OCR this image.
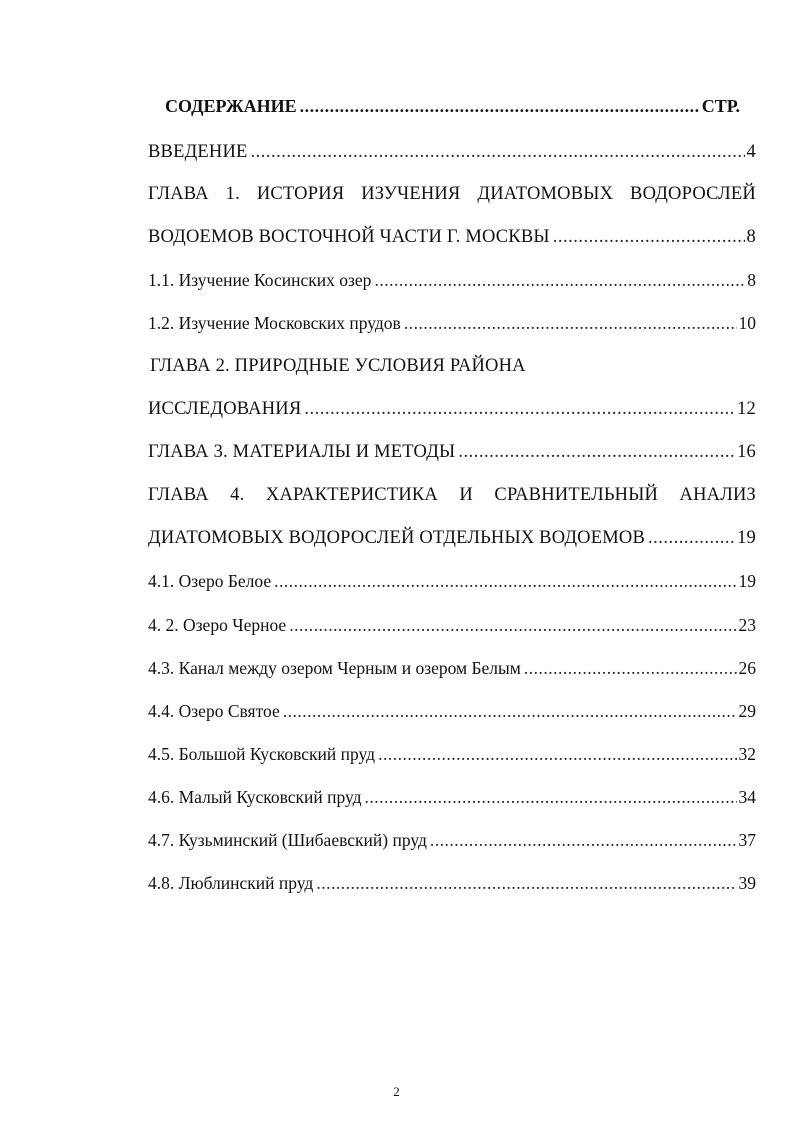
СОДЕРЖАНИЕ .....	СТР.
ВВЕДЕНИЕ .....	4
ГЛАВА 1. ИСТОРИЯ ИЗУЧЕНИЯ ДИАТОМОВЫХ ВОДОРОСЛЕЙ
ВОДОЕМОВ ВОСТОЧНОЙ ЧАСТИ Г. МОСКВЫ .....	8
1.1. Изучение Косинских озер .....	8
1.2. Изучение Московских прудов .....	10
ГЛАВА 2. ПРИРОДНЫЕ УСЛОВИЯ РАЙОНА
ИССЛЕДОВАНИЯ .....	12
ГЛАВА 3. МАТЕРИАЛЫ И МЕТОДЫ .....	16
ГЛАВА 4. ХАРАКТЕРИСТИКА И СРАВНИТЕЛЬНЫЙ АНАЛИЗ
ДИАТОМОВЫХ ВОДОРОСЛЕЙ ОТДЕЛЬНЫХ ВОДОЕМОВ .....	19
4.1. Озеро Белое .....	19
4. 2. Озеро Черное .....	23
4.3. Канал между озером Черным и озером Белым .....	26
4.4. Озеро Святое .....	29
4.5. Большой Кусковский пруд .....	32
4.6. Малый Кусковский пруд .....	34
4.7. Кузьминский (Шибаевский) пруд .....	37
4.8. Люблинский пруд .....	39
2
